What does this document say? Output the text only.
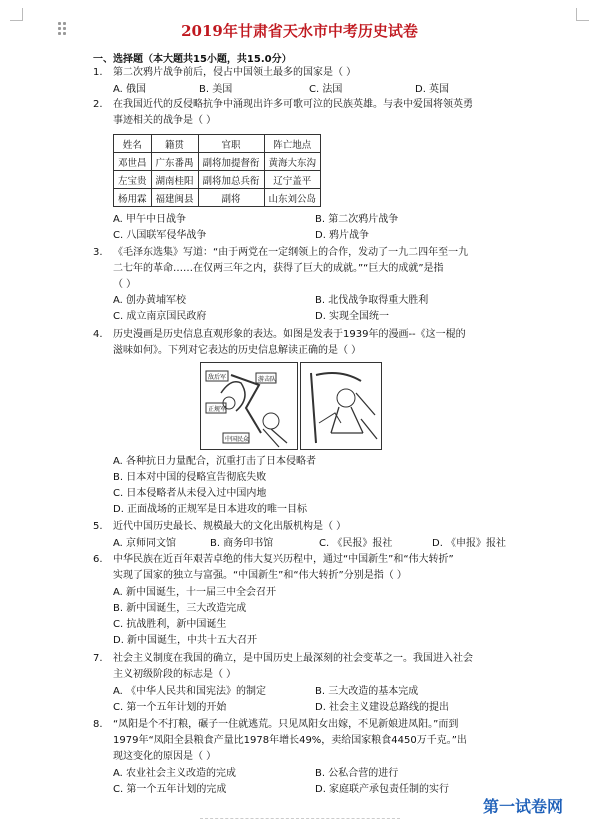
2019年甘肃省天水市中考历史试卷
一、选择题（本大题共15小题，共15.0分）
1. 第二次鸦片战争前后，侵占中国领土最多的国家是（ ）
A. 俄国	B. 美国	C. 法国	D. 英国
2. 在我国近代的反侵略抗争中涌现出许多可歌可泣的民族英雄。与表中爱国将领英勇
事迹相关的战争是（ ）
姓名	籍贯	官职	阵亡地点
邓世昌	广东番禺	副将加提督衔	黄海大东沟
左宝贵	湖南桂阳	副将加总兵衔	辽宁盖平
杨用霖	福建闽县	副将	山东刘公岛
A. 甲午中日战争	B. 第二次鸦片战争
C. 八国联军侵华战争	D. 鸦片战争
3. 《毛泽东选集》写道：“由于两党在一定纲领上的合作，发动了一九二四年至一九
二七年的革命……在仅两三年之内，获得了巨大的成就。”“巨大的成就”是指
（ ）
A. 创办黄埔军校	B. 北伐战争取得重大胜利
C. 成立南京国民政府	D. 实现全国统一
4. 历史漫画是历史信息直观形象的表达。如图是发表于1939年的漫画--《这一棍的
滋味如何》。下列对它表达的历史信息解读正确的是（ ）
敌后军
正规军
游击队
中国民众
A. 各种抗日力量配合，沉重打击了日本侵略者
B. 日本对中国的侵略宣告彻底失败
C. 日本侵略者从未侵入过中国内地
D. 正面战场的正规军是日本进攻的唯一目标
5. 近代中国历史最长、规模最大的文化出版机构是（ ）
A. 京师同文馆	B. 商务印书馆	C. 《民报》报社	D. 《申报》报社
6. 中华民族在近百年艰苦卓绝的伟大复兴历程中，通过“中国新生”和“伟大转折”
实现了国家的独立与富强。“中国新生”和“伟大转折”分别是指（ ）
A. 新中国诞生，十一届三中全会召开
B. 新中国诞生，三大改造完成
C. 抗战胜利，新中国诞生
D. 新中国诞生，中共十五大召开
7. 社会主义制度在我国的确立，是中国历史上最深刻的社会变革之一。我国进入社会
主义初级阶段的标志是（ ）
A. 《中华人民共和国宪法》的制定	B. 三大改造的基本完成
C. 第一个五年计划的开始	D. 社会主义建设总路线的提出
8. “凤阳是个不打粮，碾子一住就逃荒。只见凤阳女出嫁，不见新娘进凤阳。”而到
1979年“凤阳全县粮食产量比1978年增长49%，卖给国家粮食4450万千克。”出
现这变化的原因是（ ）
A. 农业社会主义改造的完成	B. 公私合营的进行
C. 第一个五年计划的完成	D. 家庭联产承包责任制的实行
第一试卷网
